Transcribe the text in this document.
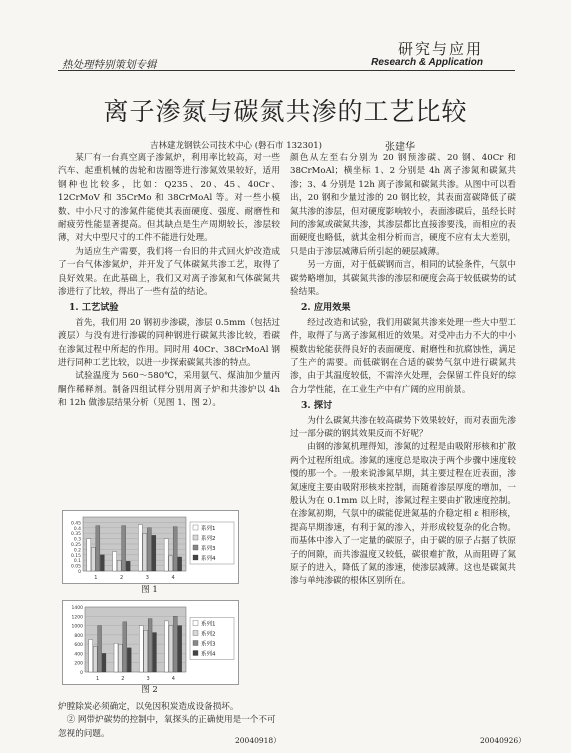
热处理特别策划专辑
研究与应用
Research & Application
离子渗氮与碳氮共渗的工艺比较
吉林建龙钢铁公司技术中心 (磐石市 132301)	张建华

某厂有一台真空离子渗氮炉，利用率比较高，对一些汽车、起重机械的齿轮和齿圈等进行渗氮效果较好，适用钢种也比较多，比如：Q235、20、45、40Cr、12CrMoV 和 35CrMo 和 38CrMoAl 等。对一些小模数、中小尺寸的渗氮件能使其表面硬度、强度、耐磨性和耐疲劳性能显著提高。但其缺点是生产周期较长，渗层较薄，对大中型尺寸的工件不能进行处理。

为适应生产需要，我们将一台旧的井式回火炉改造成了一台气体渗氮炉，并开发了气体碳氮共渗工艺，取得了良好效果。在此基础上，我们又对离子渗氮和气体碳氮共渗进行了比较，得出了一些有益的结论。

1. 工艺试验

首先，我们用 20 钢初步渗碳，渗层 0.5mm（包括过渡层）与没有进行渗碳的同种钢进行碳氮共渗比较，看碳在渗氮过程中所起的作用。同时用 40Cr、38CrMoAl 钢进行同种工艺比较，以进一步探索碳氮共渗的特点。

试验温度为 560～580℃，采用氨气、煤油加少量丙酮作稀释剂。制备四组试样分别用离子炉和共渗炉以 4h 和 12h 做渗层结果分析（见图 1、图 2）。

0
0.05
0.1
0.15
0.2
0.25
0.3
0.35
0.4
0.45
1	2	3	4
系列1
系列2
系列3
系列4
图 1
0
200
400
600
800
1000
1200
1400
1	2	3	4
系列1
系列2
系列3
系列4
图 2

炉膛除炭必须确定，以免因积炭造成设备损坏。

② 网带炉碳势的控制中，氧探头的正确使用是一个不可忽视的问题。

颜色从左至右分别为 20 钢预渗碳、20 钢、40Cr 和 38CrMoAl；横坐标 1、2 分别是 4h 离子渗氮和碳氮共渗；3、4 分别是 12h 离子渗氮和碳氮共渗。从图中可以看出，20 钢和少量过渗的 20 钢比较，其表面富碳降低了碳氮共渗的渗层，但对硬度影响较小，表面渗碳后，虽经长时间的渗氮或碳氮共渗，其渗层都比直接渗要浅，而相应的表面硬度也略低，就其金相分析而言，硬度不应有太大差别，只是由于渗层减薄后所引起的硬层减薄。

另一方面，对于低碳钢而言，相同的试验条件，气氛中碳势略增加，其碳氮共渗的渗层和硬度会高于较低碳势的试验结果。

2. 应用效果

经过改造和试验，我们用碳氮共渗来处理一些大中型工件，取得了与离子渗氮相近的效果。对受冲击力不大的中小模数齿轮能获得良好的表面硬度、耐磨性和抗腐蚀性，满足了生产的需要。而低碳钢在合适的碳势气氛中进行碳氮共渗，由于其温度较低，不需淬火处理，会保留工件良好的综合力学性能，在工业生产中有广阔的应用前景。

3. 探讨

为什么碳氮共渗在较高碳势下效果较好，而对表面先渗过一部分碳的钢其效果反而不好呢？

由钢的渗氮机理得知，渗氮的过程是由吸附形核和扩散两个过程所组成。渗氮的速度总是取决于两个步骤中速度较慢的那一个。一般来说渗氮早期，其主要过程在近表面，渗氮速度主要由吸附形核来控制，而随着渗层厚度的增加，一般认为在 0.1mm 以上时，渗氮过程主要由扩散速度控制。在渗氮初期，气氛中的碳能促进氮基的介稳定相 ε 相形核，提高早期渗速，有利于氮的渗入，并形成较复杂的化合物。而基体中渗入了一定量的碳原子，由于碳的原子占据了铁原子的间隙，而共渗温度又较低，碳很难扩散，从而阻碍了氮原子的进入，降低了氮的渗速，使渗层减薄。这也是碳氮共渗与单纯渗碳的根体区别所在。

20040918）	20040926）
